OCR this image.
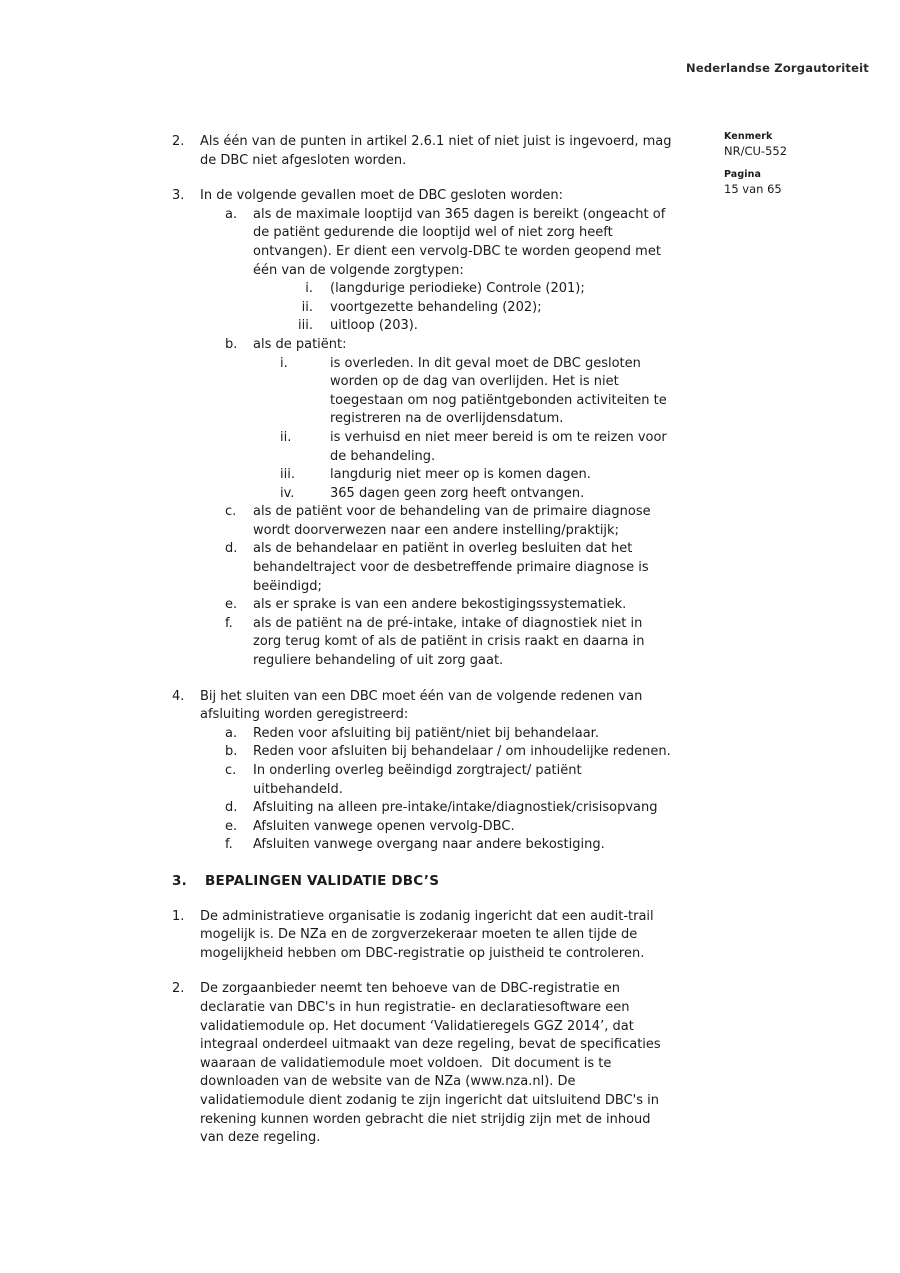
Nederlandse Zorgautoriteit
Kenmerk
NR/CU-552
Pagina
15 van 65
2.	Als één van de punten in artikel 2.6.1 niet of niet juist is ingevoerd, mag de DBC niet afgesloten worden.
3.	In de volgende gevallen moet de DBC gesloten worden:
a.	als de maximale looptijd van 365 dagen is bereikt (ongeacht of de patiënt gedurende die looptijd wel of niet zorg heeft ontvangen). Er dient een vervolg-DBC te worden geopend met één van de volgende zorgtypen:
i. (langdurige periodieke) Controle (201);
ii. voortgezette behandeling (202);
iii. uitloop (203).
b.	als de patiënt:
i.	is overleden. In dit geval moet de DBC gesloten worden op de dag van overlijden. Het is niet toegestaan om nog patiëntgebonden activiteiten te registreren na de overlijdensdatum.
ii.	is verhuisd en niet meer bereid is om te reizen voor de behandeling.
iii.	langdurig niet meer op is komen dagen.
iv.	365 dagen geen zorg heeft ontvangen.
c.	als de patiënt voor de behandeling van de primaire diagnose wordt doorverwezen naar een andere instelling/praktijk;
d.	als de behandelaar en patiënt in overleg besluiten dat het behandeltraject voor de desbetreffende primaire diagnose is beëindigd;
e.	als er sprake is van een andere bekostigingssystematiek.
f.	als de patiënt na de pré-intake, intake of diagnostiek niet in zorg terug komt of als de patiënt in crisis raakt en daarna in reguliere behandeling of uit zorg gaat.
4.	Bij het sluiten van een DBC moet één van de volgende redenen van afsluiting worden geregistreerd:
a.	Reden voor afsluiting bij patiënt/niet bij behandelaar.
b.	Reden voor afsluiten bij behandelaar / om inhoudelijke redenen.
c.	In onderling overleg beëindigd zorgtraject/ patiënt uitbehandeld.
d.	Afsluiting na alleen pre-intake/intake/diagnostiek/crisisopvang
e.	Afsluiten vanwege openen vervolg-DBC.
f.	Afsluiten vanwege overgang naar andere bekostiging.
3.	BEPALINGEN VALIDATIE DBC’S
1.	De administratieve organisatie is zodanig ingericht dat een audit-trail mogelijk is. De NZa en de zorgverzekeraar moeten te allen tijde de mogelijkheid hebben om DBC-registratie op juistheid te controleren.
2.	De zorgaanbieder neemt ten behoeve van de DBC-registratie en declaratie van DBC's in hun registratie- en declaratiesoftware een validatiemodule op. Het document ‘Validatieregels GGZ 2014’, dat integraal onderdeel uitmaakt van deze regeling, bevat de specificaties waaraan de validatiemodule moet voldoen.  Dit document is te downloaden van de website van de NZa (www.nza.nl). De validatiemodule dient zodanig te zijn ingericht dat uitsluitend DBC's in rekening kunnen worden gebracht die niet strijdig zijn met de inhoud van deze regeling.
